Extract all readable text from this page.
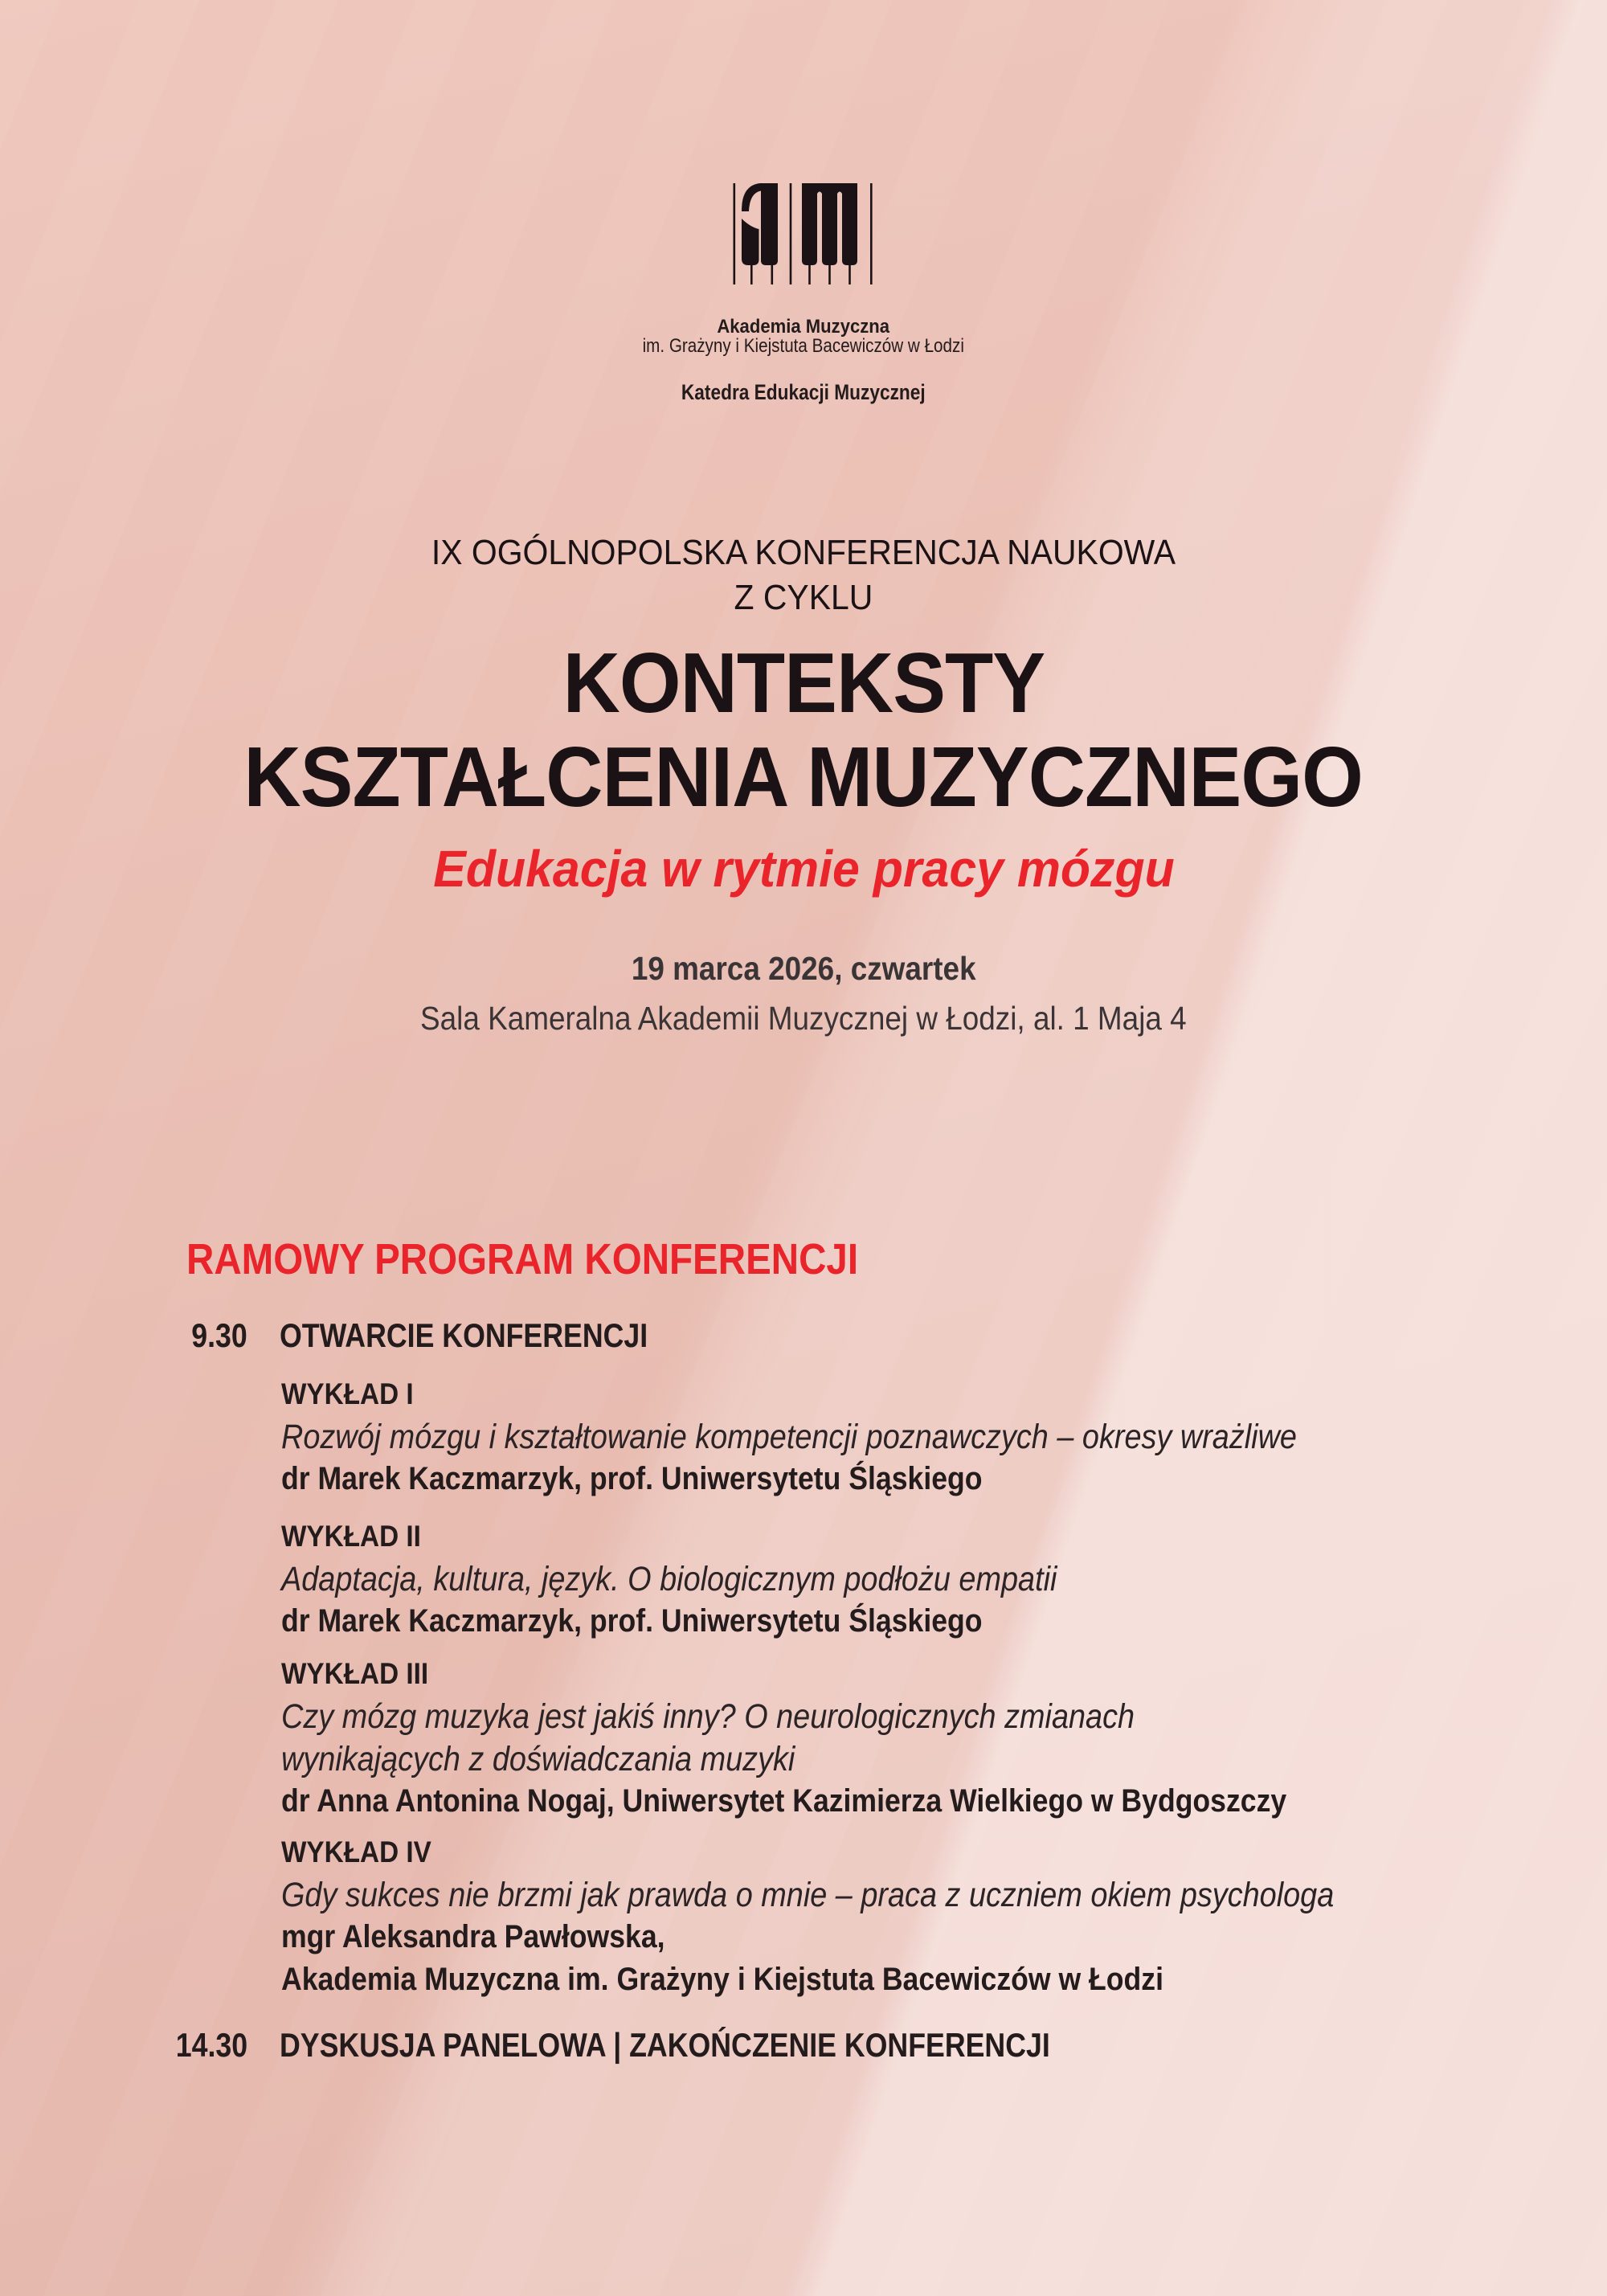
Akademia Muzyczna
im. Grażyny i Kiejstuta Bacewiczów w Łodzi
Katedra Edukacji Muzycznej
IX OGÓLNOPOLSKA KONFERENCJA NAUKOWA
Z CYKLU
KONTEKSTY
KSZTAŁCENIA MUZYCZNEGO
Edukacja w rytmie pracy mózgu
19 marca 2026, czwartek
Sala Kameralna Akademii Muzycznej w Łodzi, al. 1 Maja 4
RAMOWY PROGRAM KONFERENCJI
9.30 OTWARCIE KONFERENCJI
WYKŁAD I
Rozwój mózgu i kształtowanie kompetencji poznawczych – okresy wrażliwe
dr Marek Kaczmarzyk, prof. Uniwersytetu Śląskiego
WYKŁAD II
Adaptacja, kultura, język. O biologicznym podłożu empatii
dr Marek Kaczmarzyk, prof. Uniwersytetu Śląskiego
WYKŁAD III
Czy mózg muzyka jest jakiś inny? O neurologicznych zmianach
wynikających z doświadczania muzyki
dr Anna Antonina Nogaj, Uniwersytet Kazimierza Wielkiego w Bydgoszczy
WYKŁAD IV
Gdy sukces nie brzmi jak prawda o mnie – praca z uczniem okiem psychologa
mgr Aleksandra Pawłowska,
Akademia Muzyczna im. Grażyny i Kiejstuta Bacewiczów w Łodzi
14.30 DYSKUSJA PANELOWA | ZAKOŃCZENIE KONFERENCJI
